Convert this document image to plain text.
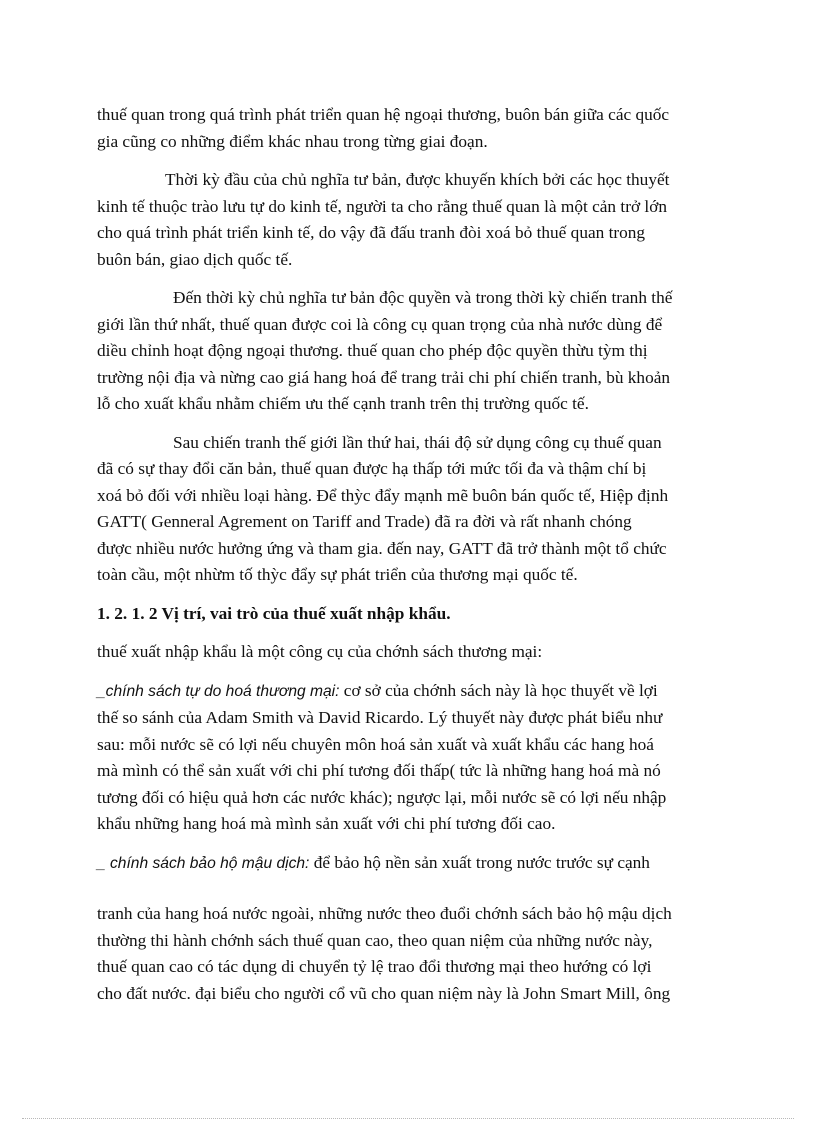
thuế quan trong quá trình phát triển quan hệ ngoại thương, buôn bán giữa các quốc
gia cũng co những điểm khác nhau trong từng giai đoạn.

Thời kỳ đầu của chủ nghĩa tư bản, được khuyến khích bởi các học thuyết
kinh tế thuộc trào lưu tự do kinh tế, người ta cho rằng thuế quan là một cản trở lớn
cho quá trình phát triển kinh tế, do vậy đã đấu tranh đòi xoá bỏ thuế quan trong
buôn bán, giao dịch quốc tế.

Đến thời kỳ chủ nghĩa tư bản độc quyền và trong thời kỳ chiến tranh thế
giới lần thứ nhất, thuế quan được coi là công cụ quan trọng của nhà nước dùng để
diều chỉnh hoạt động ngoại thương. thuế quan cho phép độc quyền thừu tỳm thị
trường nội địa và nừng cao giá hang hoá để trang trải chi phí chiến tranh, bù khoản
lỗ cho xuất khẩu nhằm chiếm ưu thế cạnh tranh trên thị trường quốc tế.

Sau chiến tranh thế giới lần thứ hai, thái độ sử dụng công cụ thuế quan
đã có sự thay đổi căn bản, thuế quan được hạ thấp tới mức tối đa và thậm chí bị
xoá bỏ đối với nhiều loại hàng. Để thỳc đẩy mạnh mẽ buôn bán quốc tế, Hiệp định
GATT( Genneral Agrement on Tariff and Trade) đã ra đời và rất nhanh chóng
được nhiều nước hưởng ứng và tham gia. đến nay, GATT đã trở thành một tổ chức
toàn cầu, một nhừm tố thỳc đẩy sự phát triển của thương mại quốc tế.

1. 2. 1. 2 Vị trí, vai trò của thuế xuất nhập khẩu.

thuế xuất nhập khẩu là một công cụ của chớnh sách thương mại:

_chính sách tự do hoá thương mại: cơ sở của chớnh sách này là học thuyết về lợi
thế so sánh của Adam Smith và David Ricardo. Lý thuyết này được phát biểu như
sau: mỗi nước sẽ có lợi nếu chuyên môn hoá sản xuất và xuất khẩu các hang hoá
mà mình có thể sản xuất với chi phí tương đối thấp( tức là những hang hoá mà nó
tương đối có hiệu quả hơn các nước khác); ngược lại, mỗi nước sẽ có lợi nếu nhập
khẩu những hang hoá mà mình sản xuất với chi phí tương đối cao.

_ chính sách bảo hộ mậu dịch: để bảo hộ nền sản xuất trong nước trước sự cạnh

tranh của hang hoá nước ngoài, những nước theo đuổi chớnh sách bảo hộ mậu dịch
thường thi hành chớnh sách thuế quan cao, theo quan niệm của những nước này,
thuế quan cao có tác dụng di chuyển tỷ lệ trao đổi thương mại theo hướng có lợi
cho đất nước. đại biểu cho người cổ vũ cho quan niệm này là John Smart Mill, ông
